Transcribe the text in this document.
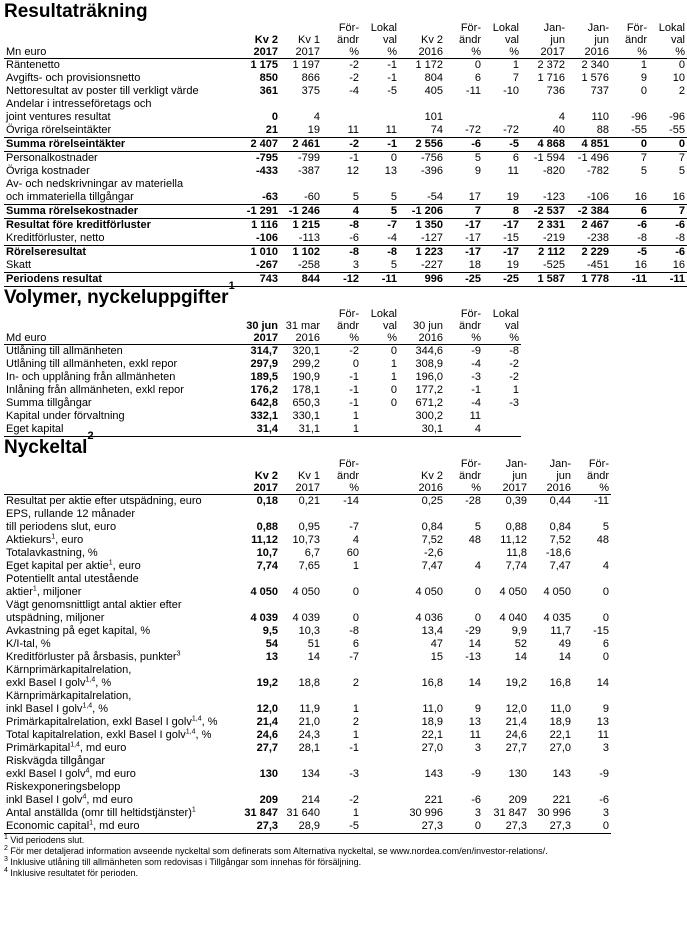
Resultaträkning
			För-	Lokal		För-	Lokal	Jan-	Jan-	För-	Lokal
	Kv 2	Kv 1	ändr	val	Kv 2	ändr	val	jun	jun	ändr	val
Mn euro	2017	2017	%	%	2016	%	%	2017	2016	%	%
Räntenetto	1 175	1 197	-2	-1	1 172	0	1	2 372	2 340	1	0
Avgifts- och provisionsnetto	850	866	-2	-1	804	6	7	1 716	1 576	9	10
Nettoresultat av poster till verkligt värde	361	375	-4	-5	405	-11	-10	736	737	0	2
Andelar i intresseföretags och											
joint ventures resultat	0	4			101			4	110	-96	-96
Övriga rörelseintäkter	21	19	11	11	74	-72	-72	40	88	-55	-55
Summa rörelseintäkter	2 407	2 461	-2	-1	2 556	-6	-5	4 868	4 851	0	0
Personalkostnader	-795	-799	-1	0	-756	5	6	-1 594	-1 496	7	7
Övriga kostnader	-433	-387	12	13	-396	9	11	-820	-782	5	5
Av- och nedskrivningar av materiella											
och immateriella tillgångar	-63	-60	5	5	-54	17	19	-123	-106	16	16
Summa rörelsekostnader	-1 291	-1 246	4	5	-1 206	7	8	-2 537	-2 384	6	7
Resultat före kreditförluster	1 116	1 215	-8	-7	1 350	-17	-17	2 331	2 467	-6	-6
Kreditförluster, netto	-106	-113	-6	-4	-127	-17	-15	-219	-238	-8	-8
Rörelseresultat	1 010	1 102	-8	-8	1 223	-17	-17	2 112	2 229	-5	-6
Skatt	-267	-258	3	5	-227	18	19	-525	-451	16	16
Periodens resultat	743	844	-12	-11	996	-25	-25	1 587	1 778	-11	-11
Volymer, nyckeluppgifter$^1$
			För-	Lokal		För-	Lokal
	30 jun	31 mar	ändr	val	30 jun	ändr	val
Md euro	2017	2016	%	%	2016	%	%
Utlåning till allmänheten	314,7	320,1	-2	0	344,6	-9	-8
Utlåning till allmänheten, exkl repor	297,9	299,2	0	1	308,9	-4	-2
In- och upplåning från allmänheten	189,5	190,9	-1	1	196,0	-3	-2
Inlåning från allmänheten, exkl repor	176,2	178,1	-1	0	177,2	-1	1
Summa tillgångar	642,8	650,3	-1	0	671,2	-4	-3
Kapital under förvaltning	332,1	330,1	1		300,2	11	
Eget kapital	31,4	31,1	1		30,1	4	
Nyckeltal$^2$
			För-			För-	Jan-	Jan-	För-
	Kv 2	Kv 1	ändr		Kv 2	ändr	jun	jun	ändr
	2017	2017	%		2016	%	2017	2016	%
Resultat per aktie efter utspädning, euro	0,18	0,21	-14		0,25	-28	0,39	0,44	-11
EPS, rullande 12 månader									
till periodens slut, euro	0,88	0,95	-7		0,84	5	0,88	0,84	5
Aktiekurs$^1$, euro	11,12	10,73	4		7,52	48	11,12	7,52	48
Totalavkastning, %	10,7	6,7	60		-2,6		11,8	-18,6	
Eget kapital per aktie$^1$, euro	7,74	7,65	1		7,47	4	7,74	7,47	4
Potentiellt antal utestående									
aktier$^1$, miljoner	4 050	4 050	0		4 050	0	4 050	4 050	0
Vägt genomsnittligt antal aktier efter									
utspädning, miljoner	4 039	4 039	0		4 036	0	4 040	4 035	0
Avkastning på eget kapital, %	9,5	10,3	-8		13,4	-29	9,9	11,7	-15
K/I-tal, %	54	51	6		47	14	52	49	6
Kreditförluster på årsbasis, punkter$^3$	13	14	-7		15	-13	14	14	0
Kärnprimärkapitalrelation,									
exkl Basel I golv$^{1,4}$, %	19,2	18,8	2		16,8	14	19,2	16,8	14
Kärnprimärkapitalrelation,									
inkl Basel I golv$^{1,4}$, %	12,0	11,9	1		11,0	9	12,0	11,0	9
Primärkapitalrelation, exkl Basel I golv$^{1,4}$, %	21,4	21,0	2		18,9	13	21,4	18,9	13
Total kapitalrelation, exkl Basel I golv$^{1,4}$, %	24,6	24,3	1		22,1	11	24,6	22,1	11
Primärkapital$^{1,4}$, md euro	27,7	28,1	-1		27,0	3	27,7	27,0	3
Riskvägda tillgångar									
exkl Basel I golv$^4$, md euro	130	134	-3		143	-9	130	143	-9
Riskexponeringsbelopp									
inkl Basel I golv$^4$, md euro	209	214	-2		221	-6	209	221	-6
Antal anställda (omr till heltidstjänster)$^1$	31 847	31 640	1		30 996	3	31 847	30 996	3
Economic capital$^1$, md euro	27,3	28,9	-5		27,3	0	27,3	27,3	0
$^1$ Vid periodens slut.
$^2$ För mer detaljerad information avseende nyckeltal som definerats som Alternativa nyckeltal, se www.nordea.com/en/investor-relations/.
$^3$ Inklusive utlåning till allmänheten som redovisas i Tillgångar som innehas för försäljning.
$^4$ Inklusive resultatet för perioden.
